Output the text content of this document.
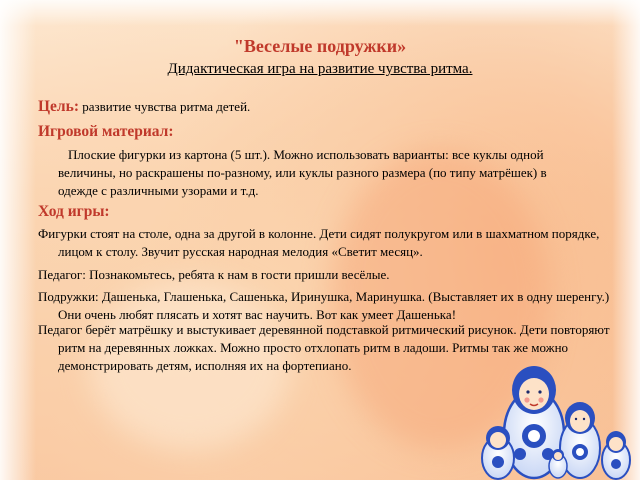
"Веселые подружки»
Дидактическая игра на развитие чувства ритма.
Цель: развитие чувства ритма детей.
Игровой материал:
Плоские фигурки из картона (5 шт.). Можно использовать варианты: все куклы одной величины, но раскрашены по-разному, или куклы разного размера (по типу матрёшек) в одежде с различными узорами и т.д.
Ход игры:
Фигурки стоят на столе, одна за другой в колонне. Дети сидят полукругом или в шахматном порядке, лицом к столу. Звучит русская народная мелодия «Светит месяц».
Педагог: Познакомьтесь, ребята к нам в гости пришли весёлые.
Подружки: Дашенька, Глашенька, Сашенька, Иринушка, Маринушка. (Выставляет их в одну шеренгу.) Они очень любят плясать и хотят вас научить. Вот как умеет Дашенька!
Педагог берёт матрёшку и выстукивает деревянной подставкой ритмический рисунок. Дети повторяют ритм на деревянных ложках. Можно просто отхлопать ритм в ладоши. Ритмы так же можно демонстрировать детям, исполняя их на фортепиано.
